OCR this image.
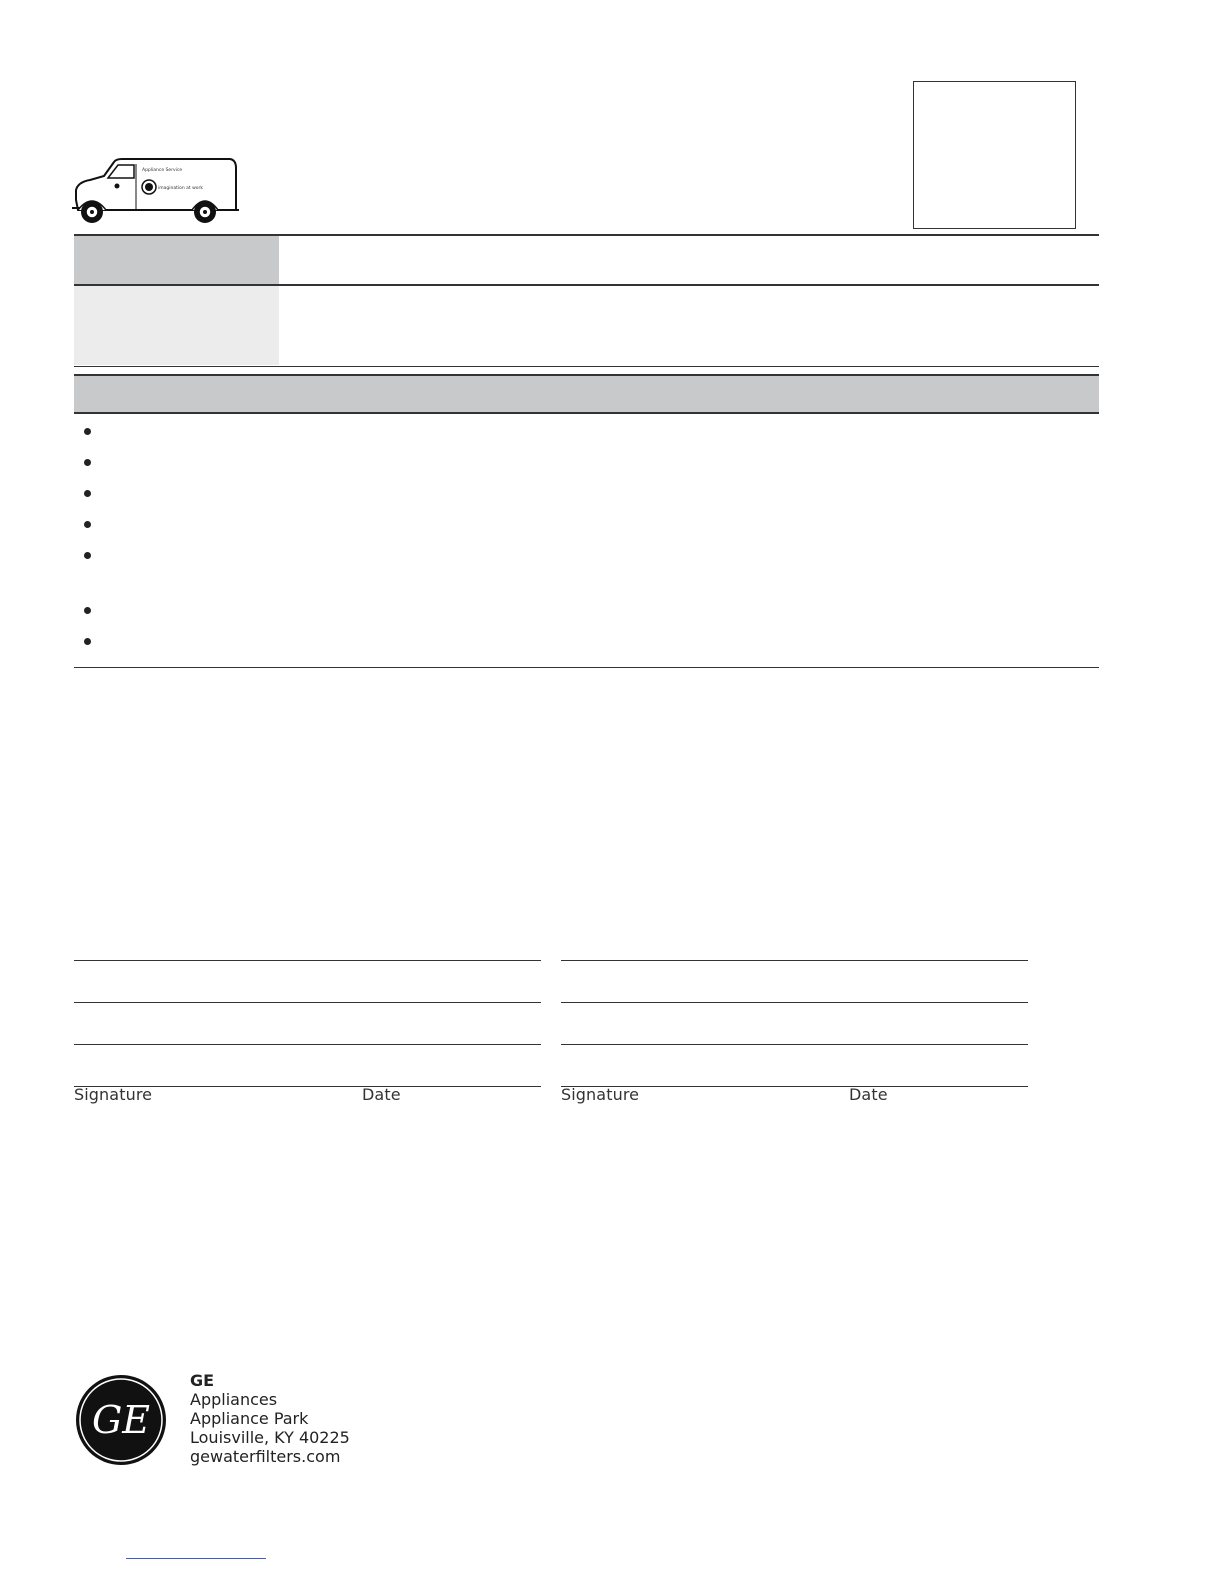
Appliance Service
imagination at work
Signature	Date	Signature	Date
GE
GE
Appliances
Appliance Park
Louisville, KY 40225
gewaterfilters.com
